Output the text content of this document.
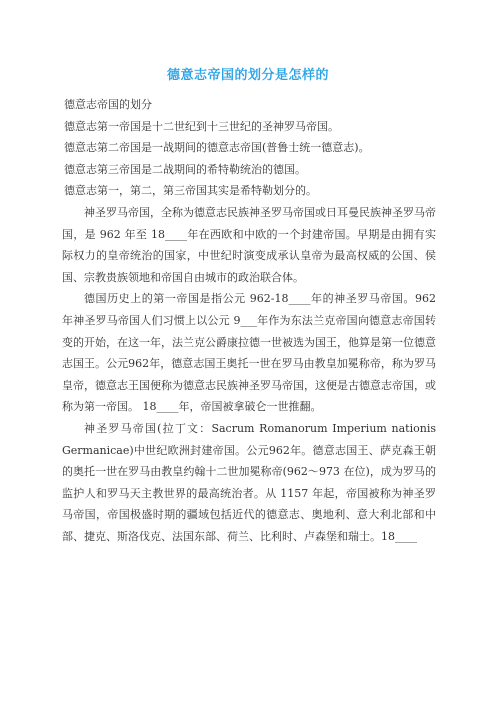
德意志帝国的划分是怎样的

德意志帝国的划分

德意志第一帝国是十二世纪到十三世纪的圣神罗马帝国。

德意志第二帝国是一战期间的德意志帝国(普鲁士统一德意志)。

德意志第三帝国是二战期间的希特勒统治的德国。

德意志第一，第二，第三帝国其实是希特勒划分的。

神圣罗马帝国，全称为德意志民族神圣罗马帝国或日耳曼民族神圣罗马帝国，是 962 年至 18____年在西欧和中欧的一个封建帝国。早期是由拥有实际权力的皇帝统治的国家，中世纪时演变成承认皇帝为最高权威的公国、侯国、宗教贵族领地和帝国自由城市的政治联合体。

德国历史上的第一帝国是指公元 962-18____年的神圣罗马帝国。962 年神圣罗马帝国人们习惯上以公元 9___年作为东法兰克帝国向德意志帝国转变的开始，在这一年，法兰克公爵康拉德一世被选为国王，他算是第一位德意志国王。公元962年，德意志国王奥托一世在罗马由教皇加冕称帝，称为罗马皇帝，德意志王国便称为德意志民族神圣罗马帝国，这便是古德意志帝国，或称为第一帝国。 18____年，帝国被拿破仑一世推翻。

神圣罗马帝国(拉丁文：Sacrum Romanorum Imperium nationis Germanicae)中世纪欧洲封建帝国。公元962年。德意志国王、萨克森王朝的奥托一世在罗马由教皇约翰十二世加冕称帝(962～973 在位)，成为罗马的监护人和罗马天主教世界的最高统治者。从 1157 年起，帝国被称为神圣罗马帝国，帝国极盛时期的疆域包括近代的德意志、奥地利、意大利北部和中部、捷克、斯洛伐克、法国东部、荷兰、比利时、卢森堡和瑞士。18____
